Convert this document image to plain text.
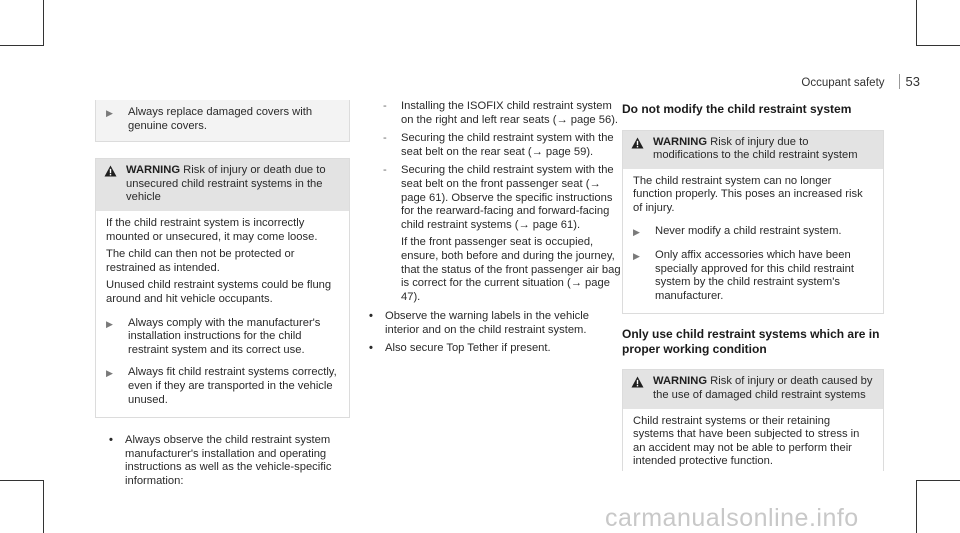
Occupant safety 53
▶	Always replace damaged covers with genuine covers.

WARNING Risk of injury or death due to unsecured child restraint systems in the vehicle

If the child restraint system is incorrectly mounted or unsecured, it may come loose.

The child can then not be protected or restrained as intended.

Unused child restraint systems could be flung around and hit vehicle occupants.

▶	Always comply with the manufacturer's installation instructions for the child restraint system and its correct use.

▶	Always fit child restraint systems correctly, even if they are transported in the vehicle unused.

•	Always observe the child restraint system manufacturer's installation and operating instructions as well as the vehicle-specific information:

-	Installing the ISOFIX child restraint system on the right and left rear seats (→ page 56).

-	Securing the child restraint system with the seat belt on the rear seat (→ page 59).

-	Securing the child restraint system with the seat belt on the front passenger seat (→ page 61). Observe the specific instructions for the rearward-facing and forward-facing child restraint systems (→ page 61).

If the front passenger seat is occupied, ensure, both before and during the journey, that the status of the front passenger air bag is correct for the current situation (→ page 47).

•	Observe the warning labels in the vehicle interior and on the child restraint system.

•	Also secure Top Tether if present.

Do not modify the child restraint system

WARNING Risk of injury due to modifications to the child restraint system

The child restraint system can no longer function properly. This poses an increased risk of injury.

▶	Never modify a child restraint system.

▶	Only affix accessories which have been specially approved for this child restraint system by the child restraint system's manufacturer.

Only use child restraint systems which are in proper working condition

WARNING Risk of injury or death caused by the use of damaged child restraint systems

Child restraint systems or their retaining systems that have been subjected to stress in an accident may not be able to perform their intended protective function.

carmanualsonline.info
